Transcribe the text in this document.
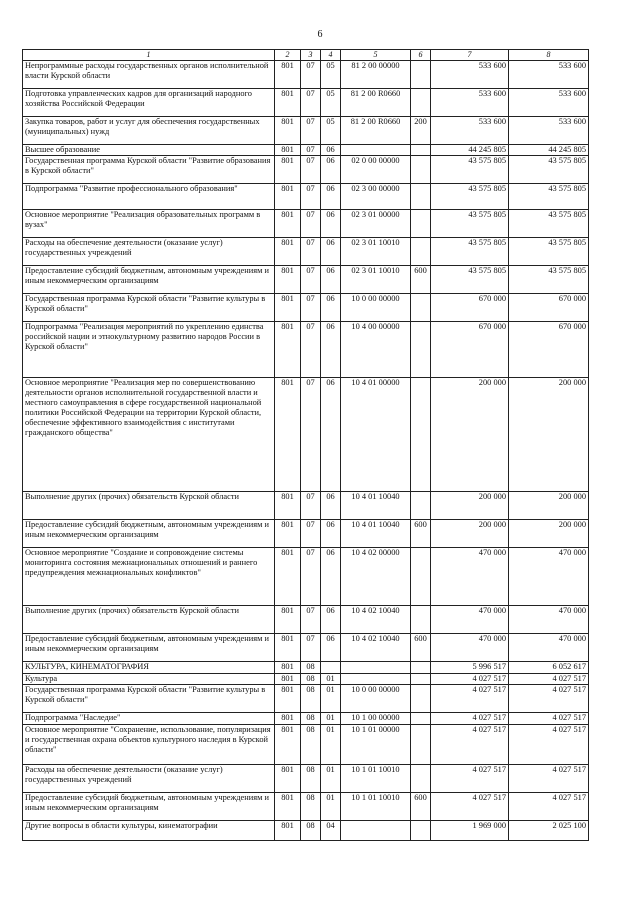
6
1	2	3	4	5	6	7	8
Непрограммные расходы государственных органов исполнительной власти Курской области	801	07	05	81 2 00 00000		533 600	533 600
Подготовка управленческих кадров для организаций народного хозяйства Российской Федерации	801	07	05	81 2 00 R0660		533 600	533 600
Закупка товаров, работ и услуг для обеспечения государственных (муниципальных) нужд	801	07	05	81 2 00 R0660	200	533 600	533 600
Высшее образование	801	07	06			44 245 805	44 245 805
Государственная программа Курской области "Развитие образования в Курской области"	801	07	06	02 0 00 00000		43 575 805	43 575 805
Подпрограмма "Развитие профессионального образования"	801	07	06	02 3 00 00000		43 575 805	43 575 805
Основное мероприятие "Реализация образовательных программ в вузах"	801	07	06	02 3 01 00000		43 575 805	43 575 805
Расходы на обеспечение деятельности (оказание услуг) государственных учреждений	801	07	06	02 3 01 10010		43 575 805	43 575 805
Предоставление субсидий бюджетным, автономным учреждениям и иным некоммерческим организациям	801	07	06	02 3 01 10010	600	43 575 805	43 575 805
Государственная программа Курской области "Развитие культуры в Курской области"	801	07	06	10 0 00 00000		670 000	670 000
Подпрограмма "Реализация мероприятий по укреплению единства российской нации и этнокультурному развитию народов России в Курской области"	801	07	06	10 4 00 00000		670 000	670 000
Основное мероприятие "Реализация мер по совершенствованию деятельности органов исполнительной государственной власти и местного самоуправления в сфере государственной национальной политики Российской Федерации на территории Курской области, обеспечение эффективного взаимодействия с институтами гражданского общества"	801	07	06	10 4 01 00000		200 000	200 000
Выполнение других (прочих) обязательств Курской области	801	07	06	10 4 01 10040		200 000	200 000
Предоставление субсидий бюджетным, автономным учреждениям и иным некоммерческим организациям	801	07	06	10 4 01 10040	600	200 000	200 000
Основное мероприятие "Создание и сопровождение системы мониторинга состояния межнациональных отношений и раннего предупреждения межнациональных конфликтов"	801	07	06	10 4 02 00000		470 000	470 000
Выполнение других (прочих) обязательств Курской области	801	07	06	10 4 02 10040		470 000	470 000
Предоставление субсидий бюджетным, автономным учреждениям и иным некоммерческим организациям	801	07	06	10 4 02 10040	600	470 000	470 000
КУЛЬТУРА, КИНЕМАТОГРАФИЯ	801	08				5 996 517	6 052 617
Культура	801	08	01			4 027 517	4 027 517
Государственная программа Курской области "Развитие культуры в Курской области"	801	08	01	10 0 00 00000		4 027 517	4 027 517
Подпрограмма "Наследие"	801	08	01	10 1 00 00000		4 027 517	4 027 517
Основное мероприятие "Сохранение, использование, популяризация и государственная охрана объектов культурного наследия в Курской области"	801	08	01	10 1 01 00000		4 027 517	4 027 517
Расходы на обеспечение деятельности (оказание услуг) государственных учреждений	801	08	01	10 1 01 10010		4 027 517	4 027 517
Предоставление субсидий бюджетным, автономным учреждениям и иным некоммерческим организациям	801	08	01	10 1 01 10010	600	4 027 517	4 027 517
Другие вопросы в области культуры, кинематографии	801	08	04			1 969 000	2 025 100
